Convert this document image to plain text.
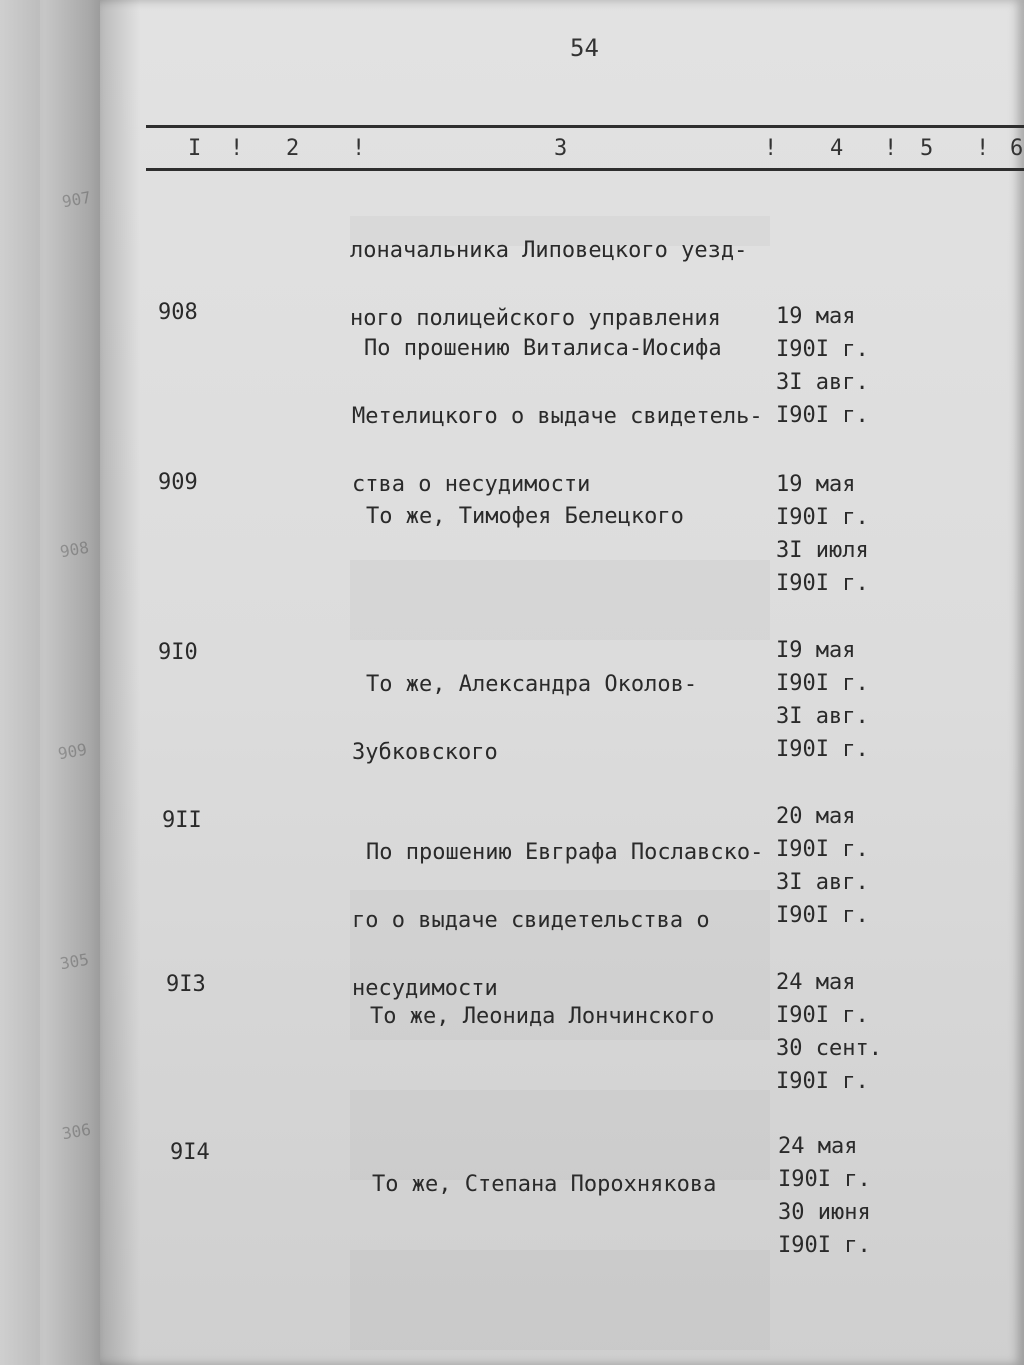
907
908
909
305
306
54
I ! 2 !	3	! 4 ! 5 ! 6

лоначальника Липовецкого уезд-

ного полицейского управления

908

По прошению Виталиса-Иосифа

Метелицкого о выдаче свидетель-

ства о несудимости

19 мая
I90I г.
3I авг.
I90I г.
909

То же, Тимофея Белецкого

19 мая
I90I г.
3I июля
I90I г.
9I0

То же, Александра Околов-

Зубковского

I9 мая
I90I г.
3I авг.
I90I г.
9II

По прошению Евграфа Пославско-

го о выдаче свидетельства о

несудимости

20 мая
I90I г.
3I авг.
I90I г.
9I3

То же, Леонида Лончинского

24 мая
I90I г.
30 сент.
I90I г.
9I4

То же, Степана Порохнякова

24 мая
I90I г.
30 июня
I90I г.
